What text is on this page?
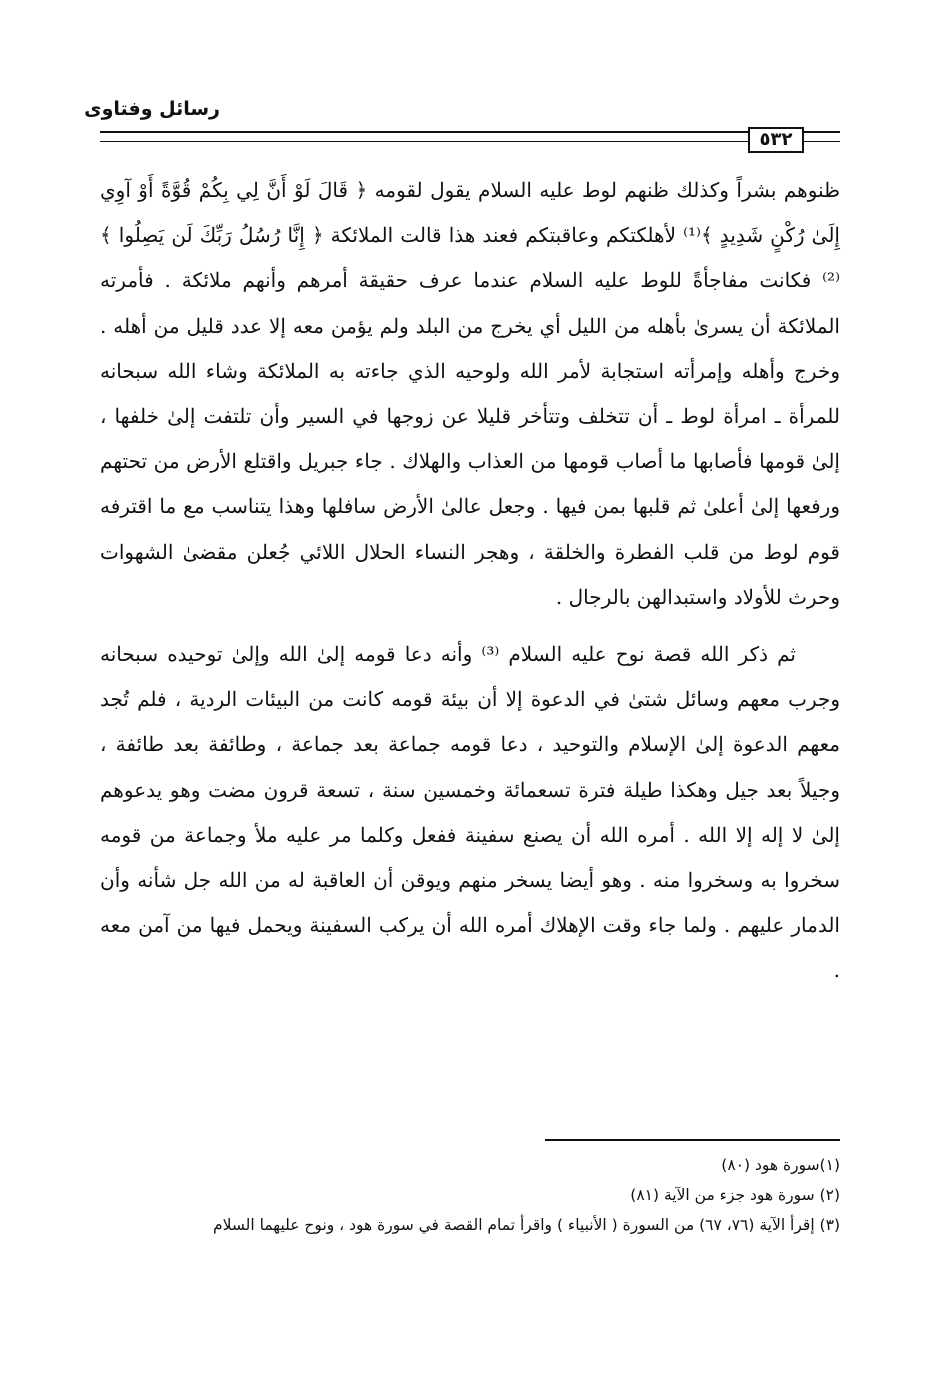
رسائل وفتاوى
٥٣٢

ظنوهم بشراً وكذلك ظنهم لوط عليه السلام يقول لقومه ﴿ قَالَ لَوْ أَنَّ لِي بِكُمْ قُوَّةً أَوْ آوِي إِلَىٰ رُكْنٍ شَدِيدٍ ﴾⁽¹⁾ لأهلكتكم وعاقبتكم فعند هذا قالت الملائكة ﴿ إِنَّا رُسُلُ رَبِّكَ لَن يَصِلُوا ﴾⁽²⁾ فكانت مفاجأةً للوط عليه السلام عندما عرف حقيقة أمرهم وأنهم ملائكة . فأمرته الملائكة أن يسرىٰ بأهله من الليل أي يخرج من البلد ولم يؤمن معه إلا عدد قليل من أهله . وخرج وأهله وإمرأته استجابة لأمر الله ولوحيه الذي جاءته به الملائكة وشاء الله سبحانه للمرأة ـ امرأة لوط ـ أن تتخلف وتتأخر قليلا عن زوجها في السير وأن تلتفت إلىٰ خلفها ، إلىٰ قومها فأصابها ما أصاب قومها من العذاب والهلاك . جاء جبريل واقتلع الأرض من تحتهم ورفعها إلىٰ أعلىٰ ثم قلبها بمن فيها . وجعل عالىٰ الأرض سافلها وهذا يتناسب مع ما اقترفه قوم لوط من قلب الفطرة والخلقة ، وهجر النساء الحلال اللائي جُعلن مقضىٰ الشهوات وحرث للأولاد واستبدالهن بالرجال .

ثم ذكر الله قصة نوح عليه السلام ⁽³⁾ وأنه دعا قومه إلىٰ الله وإلىٰ توحيده سبحانه وجرب معهم وسائل شتىٰ في الدعوة إلا أن بيئة قومه كانت من البيئات الردية ، فلم تُجد معهم الدعوة إلىٰ الإسلام والتوحيد ، دعا قومه جماعة بعد جماعة ، وطائفة بعد طائفة ، وجيلاً بعد جيل وهكذا طيلة فترة تسعمائة وخمسين سنة ، تسعة قرون مضت وهو يدعوهم إلىٰ لا إله إلا الله . أمره الله أن يصنع سفينة ففعل وكلما مر عليه ملأ وجماعة من قومه سخروا به وسخروا منه . وهو أيضا يسخر منهم ويوقن أن العاقبة له من الله جل شأنه وأن الدمار عليهم . ولما جاء وقت الإهلاك أمره الله أن يركب السفينة ويحمل فيها من آمن معه .

(١)سورة هود (٨٠)
(٢) سورة هود جزء من الآية (٨١)
(٣) إقرأ الآية (٧٦، ٦٧) من السورة ( الأنبياء ) واقرأ تمام القصة في سورة هود ، ونوح عليهما السلام
